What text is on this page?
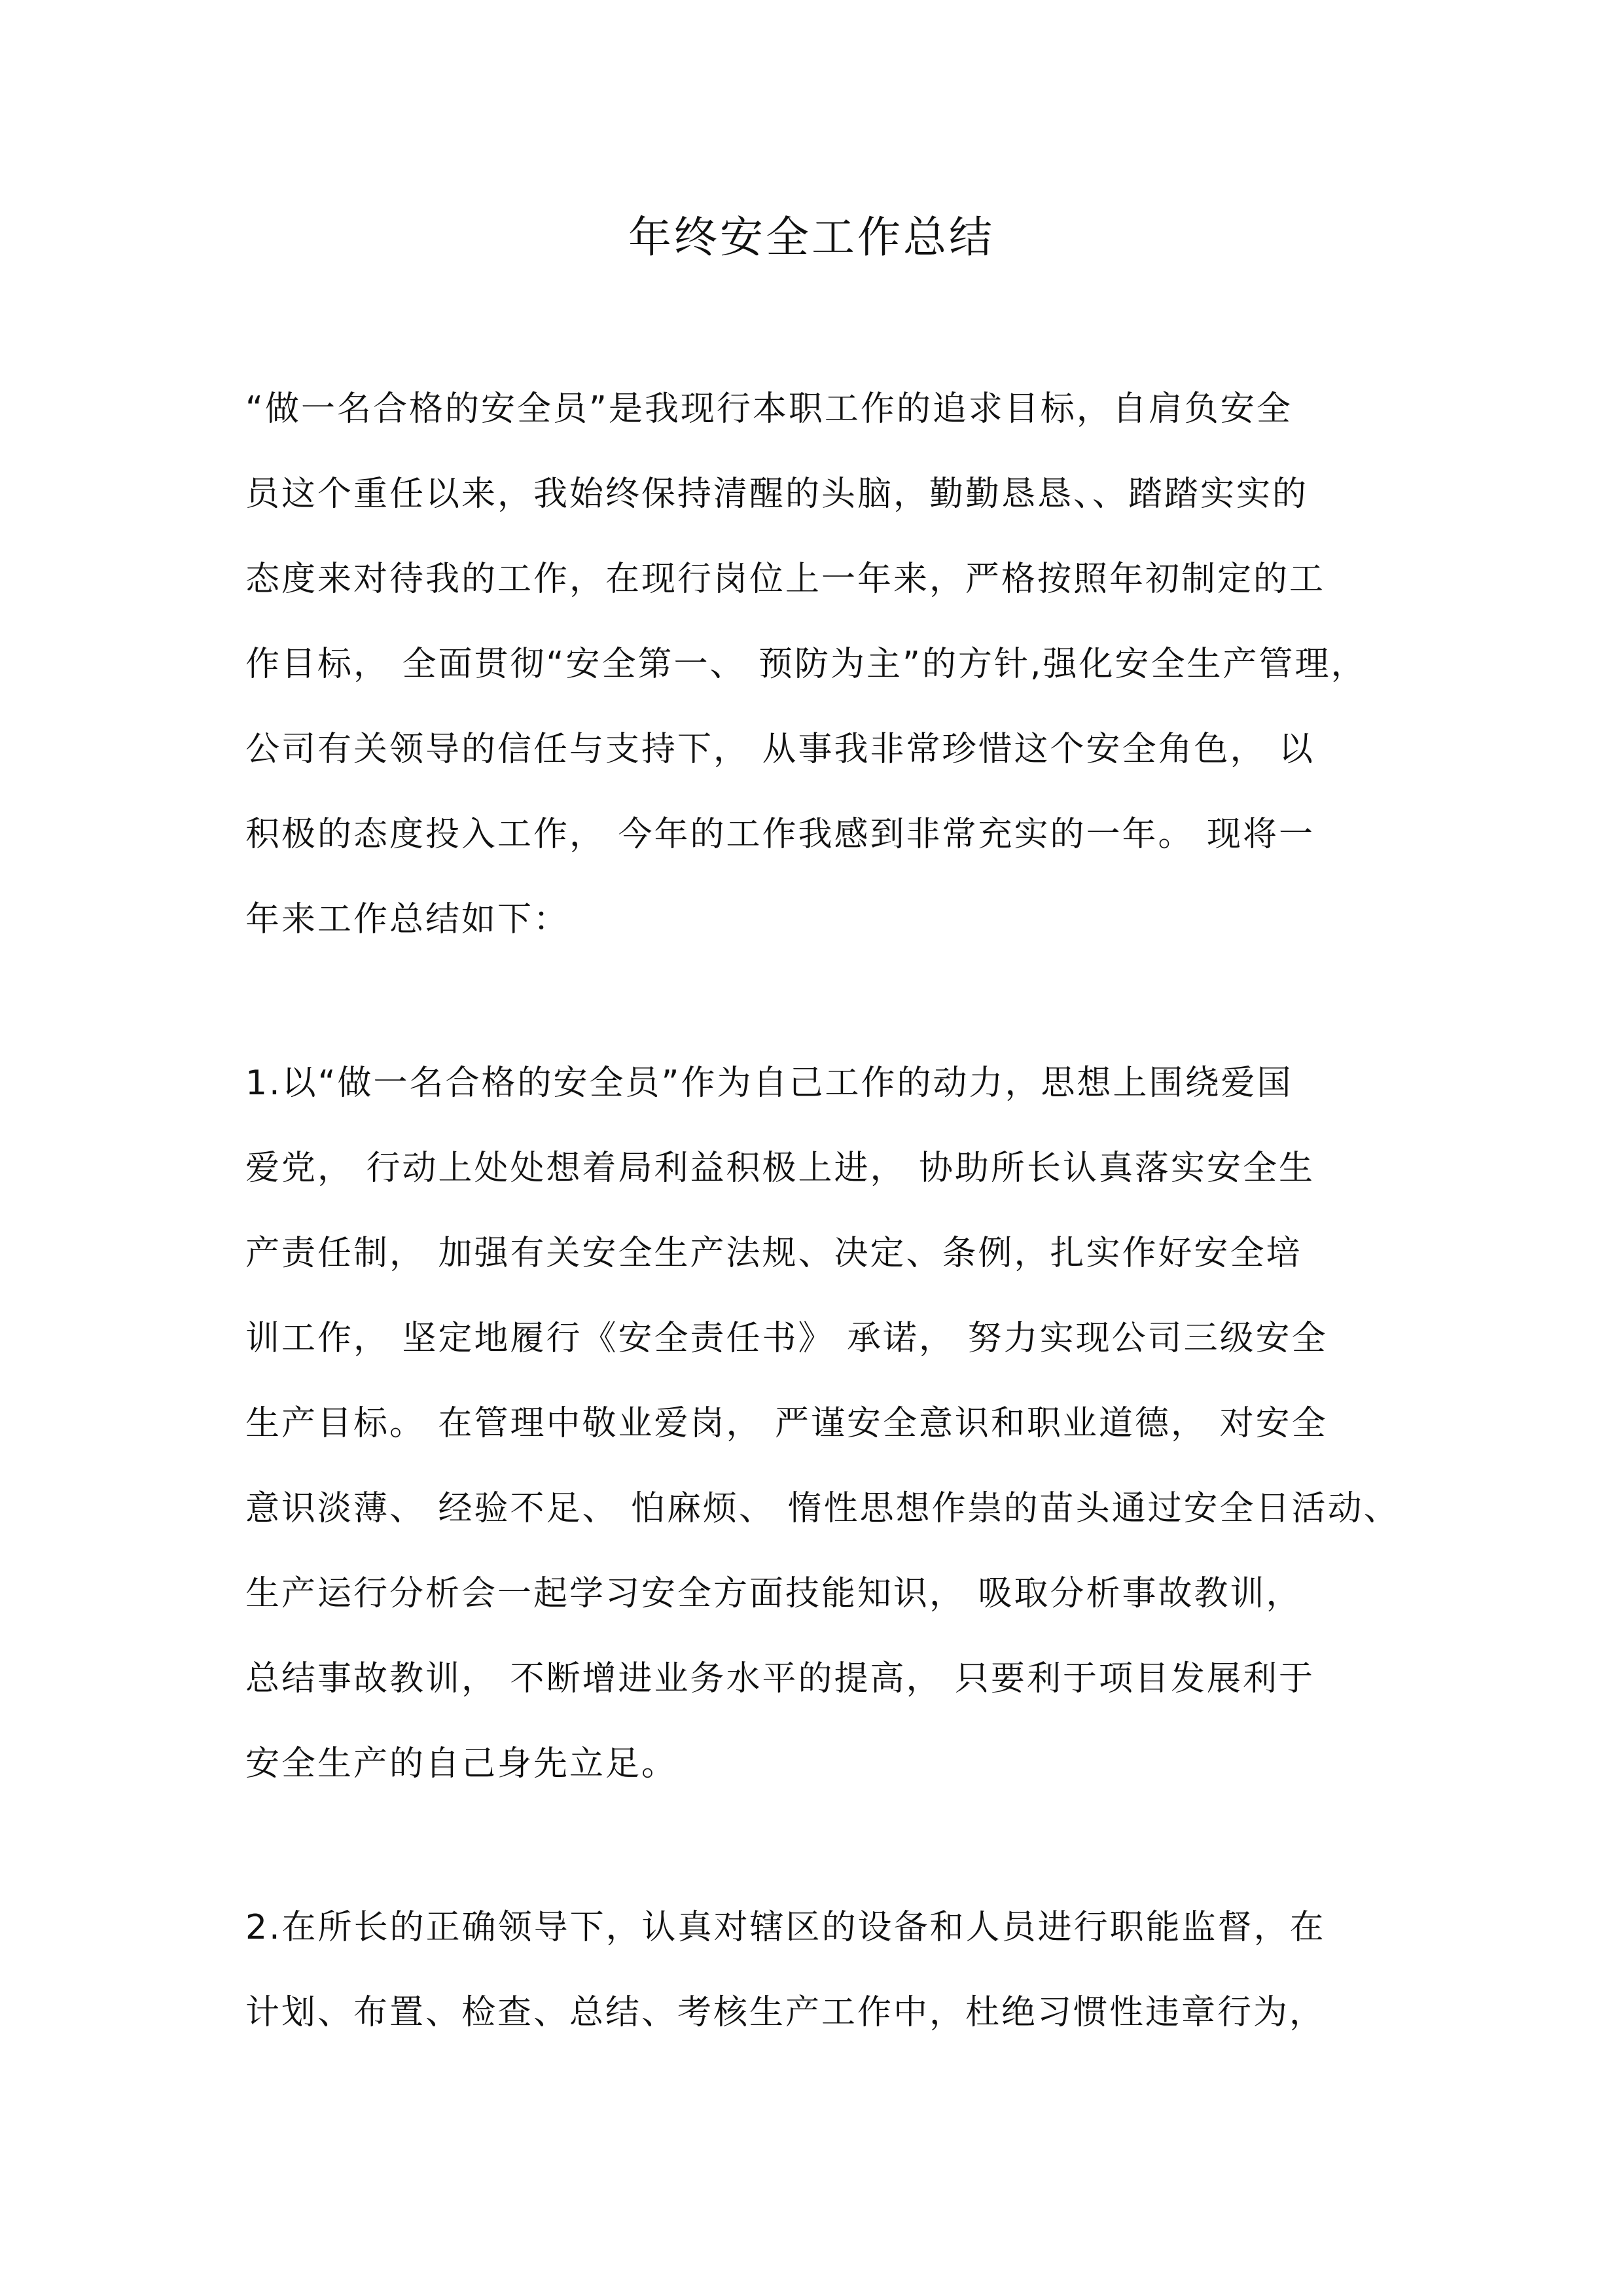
年终安全工作总结

“做一名合格的安全员”是我现行本职工作的追求目标，自肩负安全

员这个重任以来，我始终保持清醒的头脑，勤勤恳恳、、踏踏实实的

态度来对待我的工作，在现行岗位上一年来，严格按照年初制定的工

作目标， 全面贯彻“安全第一、 预防为主”的方针,强化安全生产管理，

公司有关领导的信任与支持下， 从事我非常珍惜这个安全角色， 以

积极的态度投入工作， 今年的工作我感到非常充实的一年。 现将一

年来工作总结如下：

1.以“做一名合格的安全员”作为自己工作的动力，思想上围绕爱国

爱党， 行动上处处想着局利益积极上进， 协助所长认真落实安全生

产责任制， 加强有关安全生产法规、决定、条例，扎实作好安全培

训工作， 坚定地履行《安全责任书》 承诺， 努力实现公司三级安全

生产目标。 在管理中敬业爱岗， 严谨安全意识和职业道德， 对安全

意识淡薄、 经验不足、 怕麻烦、 惰性思想作祟的苗头通过安全日活动、

生产运行分析会一起学习安全方面技能知识， 吸取分析事故教训，

总结事故教训， 不断增进业务水平的提高， 只要利于项目发展利于

安全生产的自己身先立足。

2.在所长的正确领导下，认真对辖区的设备和人员进行职能监督，在

计划、布置、检查、总结、考核生产工作中，杜绝习惯性违章行为，
